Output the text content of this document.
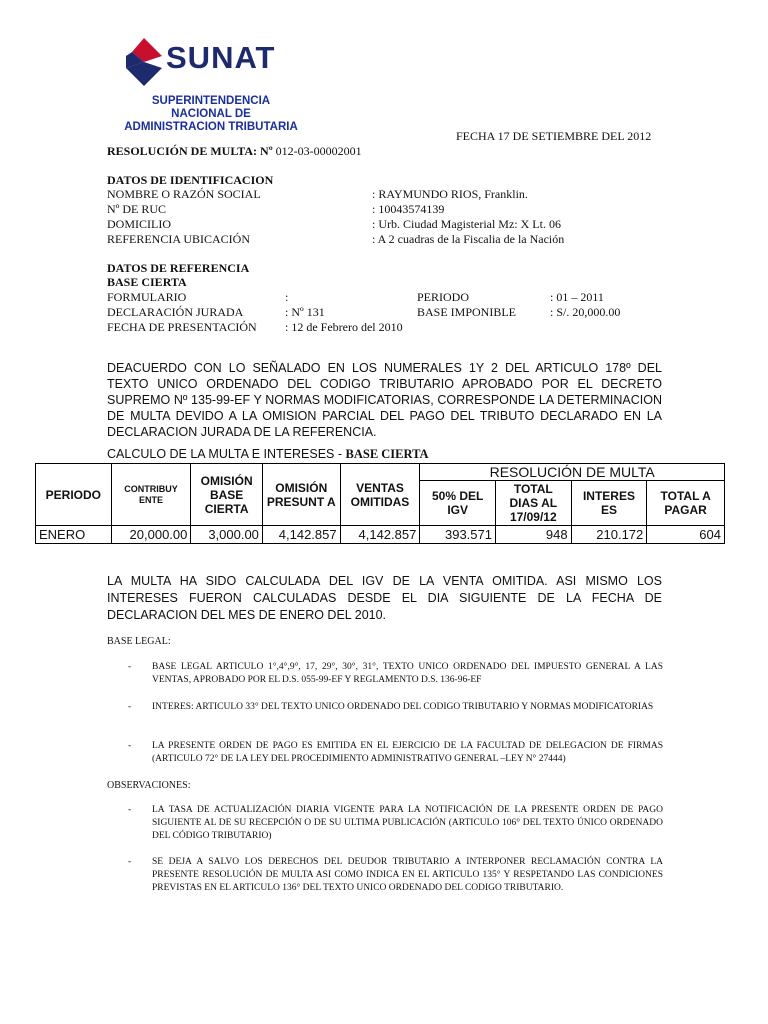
SUNAT
SUPERINTENDENCIA
NACIONAL DE
ADMINISTRACION TRIBUTARIA
FECHA 17 DE SETIEMBRE DEL 2012
RESOLUCIÓN DE MULTA: Nº 012-03-00002001
DATOS DE IDENTIFICACION
NOMBRE O RAZÓN SOCIAL	: RAYMUNDO RIOS, Franklin.
Nº DE RUC	: 10043574139
DOMICILIO	: Urb. Ciudad Magisterial Mz: X Lt. 06
REFERENCIA UBICACIÓN	: A 2 cuadras de la Fiscalia de la Nación
DATOS DE REFERENCIA
BASE CIERTA
FORMULARIO	:	PERIODO	: 01 – 2011
DECLARACIÓN JURADA	: Nº 131	BASE IMPONIBLE	: S/. 20,000.00
FECHA DE PRESENTACIÓN : 12 de Febrero del 2010
DEACUERDO CON LO SEÑALADO EN LOS NUMERALES 1Y 2 DEL ARTICULO 178º DEL TEXTO UNICO ORDENADO DEL CODIGO TRIBUTARIO APROBADO POR EL DECRETO SUPREMO Nº 135-99-EF Y NORMAS MODIFICATORIAS, CORRESPONDE LA DETERMINACION DE MULTA DEVIDO A LA OMISION PARCIAL DEL PAGO DEL TRIBUTO DECLARADO EN LA DECLARACION JURADA DE LA REFERENCIA.
CALCULO DE LA MULTA E INTERESES - BASE CIERTA
PERIODO	CONTRIBUY ENTE	OMISIÓN BASE CIERTA	OMISIÓN PRESUNT A	VENTAS OMITIDAS	RESOLUCIÓN DE MULTA			
					50% DEL IGV	TOTAL DIAS AL 17/09/12	INTERES ES	TOTAL A PAGAR
ENERO	20,000.00	3,000.00	4,142.857	4,142.857	393.571	948	210.172	604
LA MULTA HA SIDO CALCULADA DEL IGV DE LA VENTA OMITIDA. ASI MISMO LOS INTERESES FUERON CALCULADAS DESDE EL DIA SIGUIENTE DE LA FECHA DE DECLARACION DEL MES DE ENERO DEL 2010.
BASE LEGAL:
- BASE LEGAL ARTICULO 1°,4°,9°, 17, 29°, 30°, 31°, TEXTO UNICO ORDENADO DEL IMPUESTO GENERAL A LAS VENTAS, APROBADO POR EL D.S. 055-99-EF Y REGLAMENTO D.S. 136-96-EF
- INTERES: ARTICULO 33° DEL TEXTO UNICO ORDENADO DEL CODIGO TRIBUTARIO Y NORMAS MODIFICATORIAS
- LA PRESENTE ORDEN DE PAGO ES EMITIDA EN EL EJERCICIO DE LA FACULTAD DE DELEGACION DE FIRMAS (ARTICULO 72° DE LA LEY DEL PROCEDIMIENTO ADMINISTRATIVO GENERAL –LEY N° 27444)
OBSERVACIONES:
- LA TASA DE ACTUALIZACIÓN DIARIA VIGENTE PARA LA NOTIFICACIÓN DE LA PRESENTE ORDEN DE PAGO SIGUIENTE AL DE SU RECEPCIÓN O DE SU ULTIMA PUBLICACIÓN (ARTICULO 106° DEL TEXTO ÚNICO ORDENADO DEL CÓDIGO TRIBUTARIO)
- SE DEJA A SALVO LOS DERECHOS DEL DEUDOR TRIBUTARIO A INTERPONER RECLAMACIÓN CONTRA LA PRESENTE RESOLUCIÓN DE MULTA ASI COMO INDICA EN EL ARTICULO 135° Y RESPETANDO LAS CONDICIONES PREVISTAS EN EL ARTICULO 136° DEL TEXTO UNICO ORDENADO DEL CODIGO TRIBUTARIO.
